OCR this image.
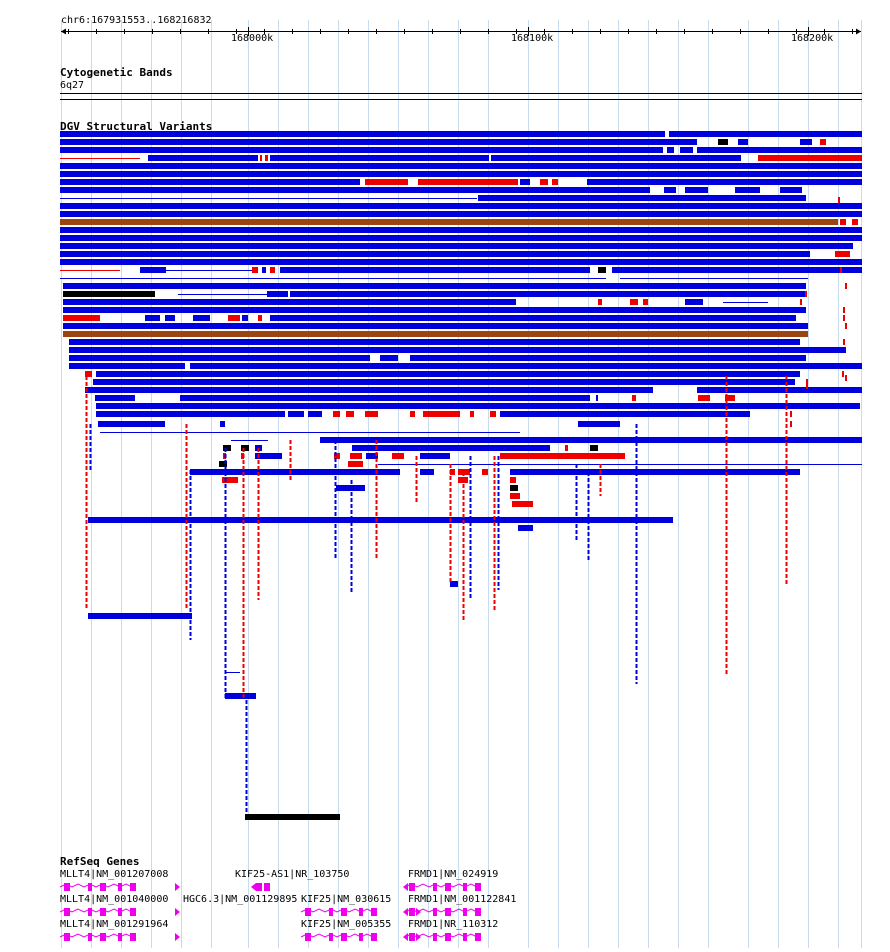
chr6:167931553..168216832
168000k	168100k	168200k
Cytogenetic Bands
6q27
DGV Structural Variants
RefSeq Genes
MLLT4|NM_001207008	KIF25-AS1|NR_103750	FRMD1|NM_024919
MLLT4|NM_001040000 HGC6.3|NM_001129895 KIF25|NM_030615 FRMD1|NM_001122841
MLLT4|NM_001291964	KIF25|NM_005355 FRMD1|NR_110312
